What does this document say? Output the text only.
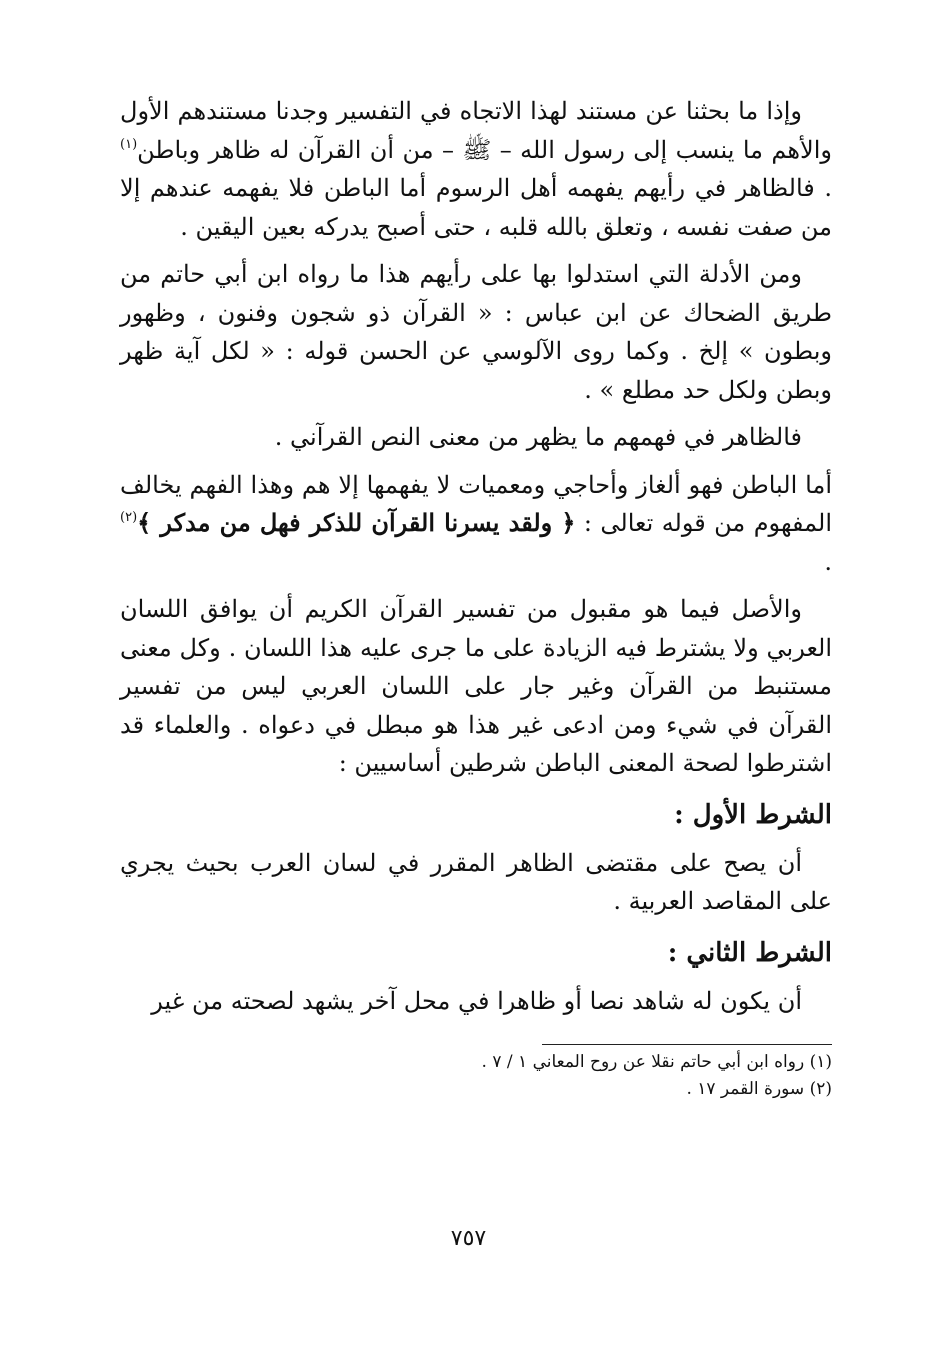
وإذا ما بحثنا عن مستند لهذا الاتجاه في التفسير وجدنا مستندهم الأول والأهم ما ينسب إلى رسول الله – ﷺ – من أن القرآن له ظاهر وباطن$^{(١)}$ . فالظاهر في رأيهم يفهمه أهل الرسوم أما الباطن فلا يفهمه عندهم إلا من صفت نفسه ، وتعلق بالله قلبه ، حتى أصبح يدركه بعين اليقين .

ومن الأدلة التي استدلوا بها على رأيهم هذا ما رواه ابن أبي حاتم من طريق الضحاك عن ابن عباس : « القرآن ذو شجون وفنون ، وظهور وبطون » إلخ . وكما روى الآلوسي عن الحسن قوله : « لكل آية ظهر وبطن ولكل حد مطلع » .

فالظاهر في فهمهم ما يظهر من معنى النص القرآني .

أما الباطن فهو ألغاز وأحاجي ومعميات لا يفهمها إلا هم وهذا الفهم يخالف المفهوم من قوله تعالى : ﴿ ولقد يسرنا القرآن للذكر فهل من مدكر ﴾$^{(٢)}$ .

والأصل فيما هو مقبول من تفسير القرآن الكريم أن يوافق اللسان العربي ولا يشترط فيه الزيادة على ما جرى عليه هذا اللسان . وكل معنى مستنبط من القرآن وغير جار على اللسان العربي ليس من تفسير القرآن في شيء ومن ادعى غير هذا هو مبطل في دعواه . والعلماء قد اشترطوا لصحة المعنى الباطن شرطين أساسيين :

الشرط الأول :

أن يصح على مقتضى الظاهر المقرر في لسان العرب بحيث يجري على المقاصد العربية .

الشرط الثاني :

أن يكون له شاهد نصا أو ظاهرا في محل آخر يشهد لصحته من غير

(١) رواه ابن أبي حاتم نقلا عن روح المعاني ١ / ٧ .

(٢) سورة القمر ١٧ .

٧٥٧
